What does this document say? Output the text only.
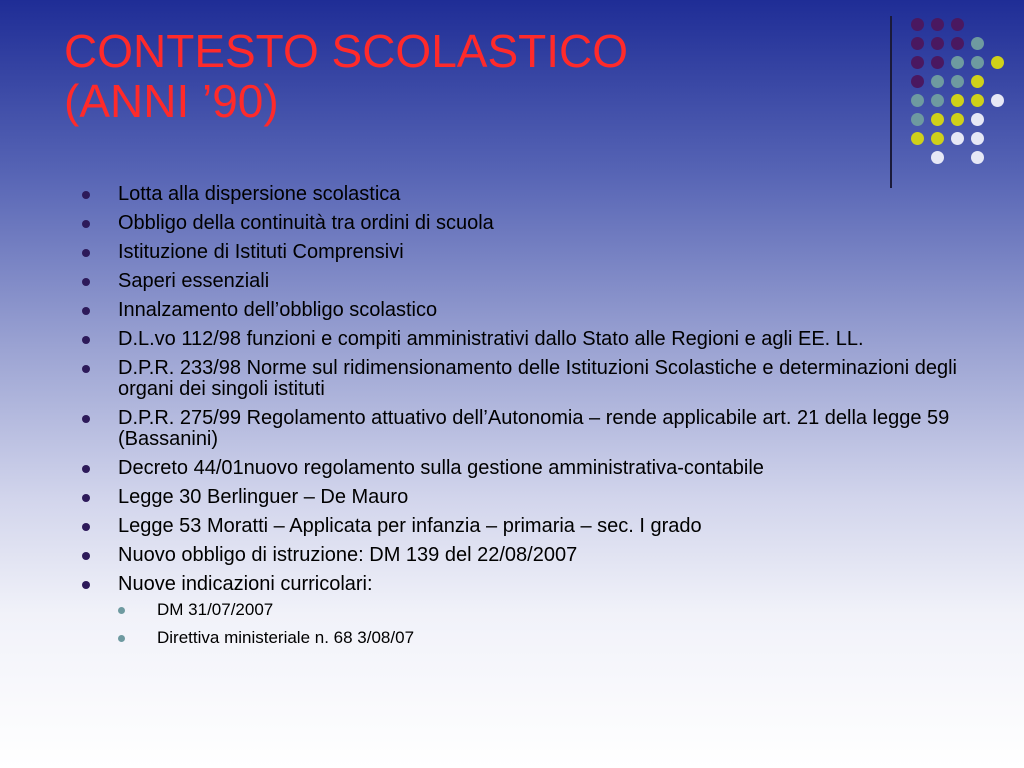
CONTESTO SCOLASTICO
(ANNI ’90)
Lotta alla dispersione scolastica
Obbligo della continuità tra ordini di scuola
Istituzione di Istituti Comprensivi
Saperi essenziali
Innalzamento dell’obbligo scolastico
D.L.vo 112/98 funzioni e compiti amministrativi dallo Stato alle Regioni e agli EE. LL.
D.P.R. 233/98 Norme sul ridimensionamento delle Istituzioni Scolastiche e determinazioni degli organi dei singoli istituti
D.P.R. 275/99 Regolamento attuativo dell’Autonomia – rende applicabile art. 21 della legge 59 (Bassanini)
Decreto 44/01nuovo regolamento sulla gestione amministrativa-contabile
Legge 30 Berlinguer – De Mauro
Legge 53 Moratti – Applicata per infanzia – primaria – sec. I grado
Nuovo obbligo di istruzione: DM 139 del 22/08/2007
Nuove indicazioni curricolari:
DM 31/07/2007
Direttiva ministeriale n. 68 3/08/07
